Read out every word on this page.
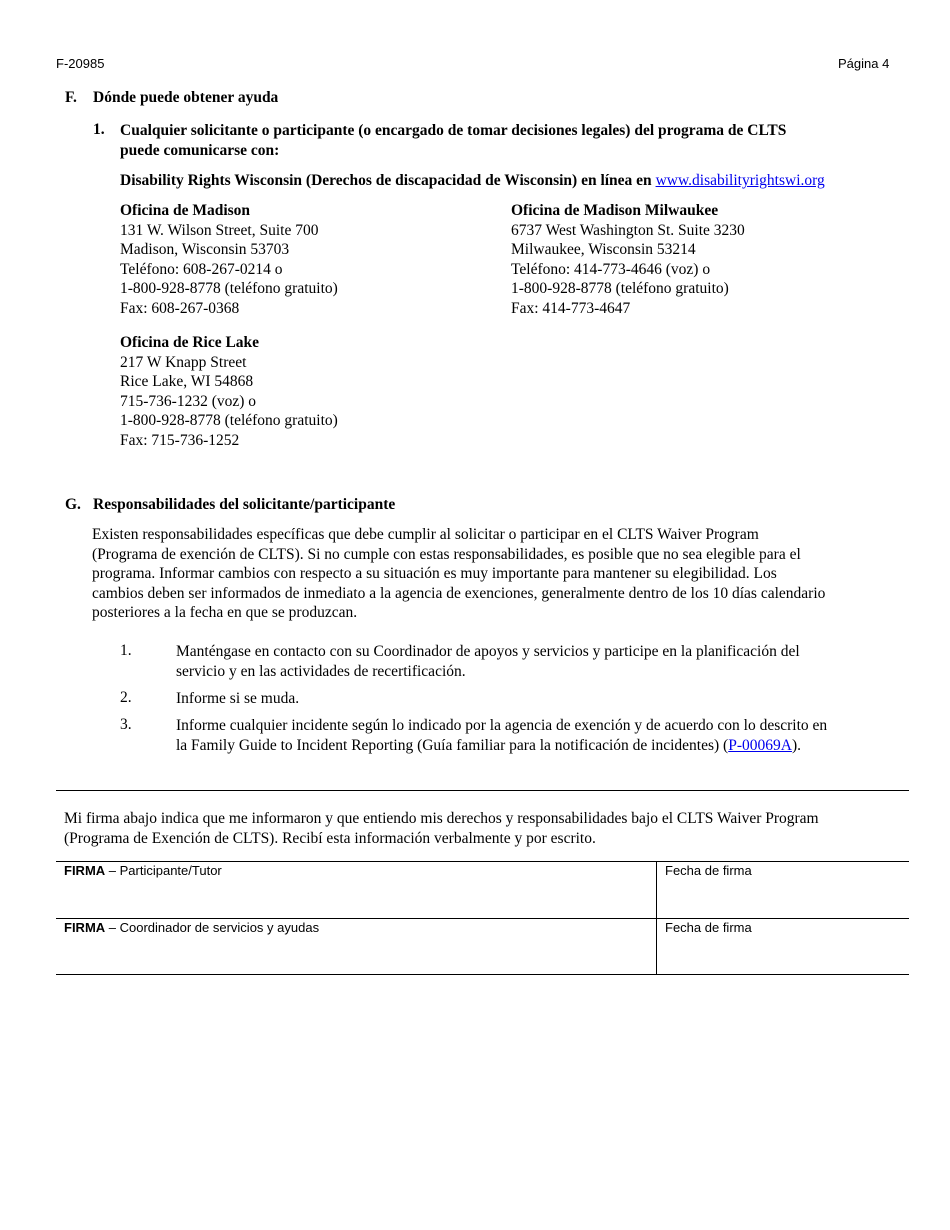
F-20985	Página 4
F. Dónde puede obtener ayuda
1. Cualquier solicitante o participante (o encargado de tomar decisiones legales) del programa de CLTS
puede comunicarse con:
Disability Rights Wisconsin (Derechos de discapacidad de Wisconsin) en línea en www.disabilityrightswi.org
Oficina de Madison
131 W. Wilson Street, Suite 700
Madison, Wisconsin 53703
Teléfono: 608-267-0214 o
1-800-928-8778 (teléfono gratuito)
Fax: 608-267-0368
Oficina de Madison Milwaukee
6737 West Washington St. Suite 3230
Milwaukee, Wisconsin 53214
Teléfono: 414-773-4646 (voz) o
1-800-928-8778 (teléfono gratuito)
Fax: 414-773-4647
Oficina de Rice Lake
217 W Knapp Street
Rice Lake, WI 54868
715-736-1232 (voz) o
1-800-928-8778 (teléfono gratuito)
Fax: 715-736-1252
G. Responsabilidades del solicitante/participante
Existen responsabilidades específicas que debe cumplir al solicitar o participar en el CLTS Waiver Program
(Programa de exención de CLTS). Si no cumple con estas responsabilidades, es posible que no sea elegible para el
programa. Informar cambios con respecto a su situación es muy importante para mantener su elegibilidad. Los
cambios deben ser informados de inmediato a la agencia de exenciones, generalmente dentro de los 10 días calendario
posteriores a la fecha en que se produzcan.
1.	Manténgase en contacto con su Coordinador de apoyos y servicios y participe en la planificación del
servicio y en las actividades de recertificación.
2.	Informe si se muda.
3.	Informe cualquier incidente según lo indicado por la agencia de exención y de acuerdo con lo descrito en
la Family Guide to Incident Reporting (Guía familiar para la notificación de incidentes) (P-00069A).
Mi firma abajo indica que me informaron y que entiendo mis derechos y responsabilidades bajo el CLTS Waiver Program
(Programa de Exención de CLTS). Recibí esta información verbalmente y por escrito.
FIRMA – Participante/Tutor	Fecha de firma
FIRMA – Coordinador de servicios y ayudas	Fecha de firma
